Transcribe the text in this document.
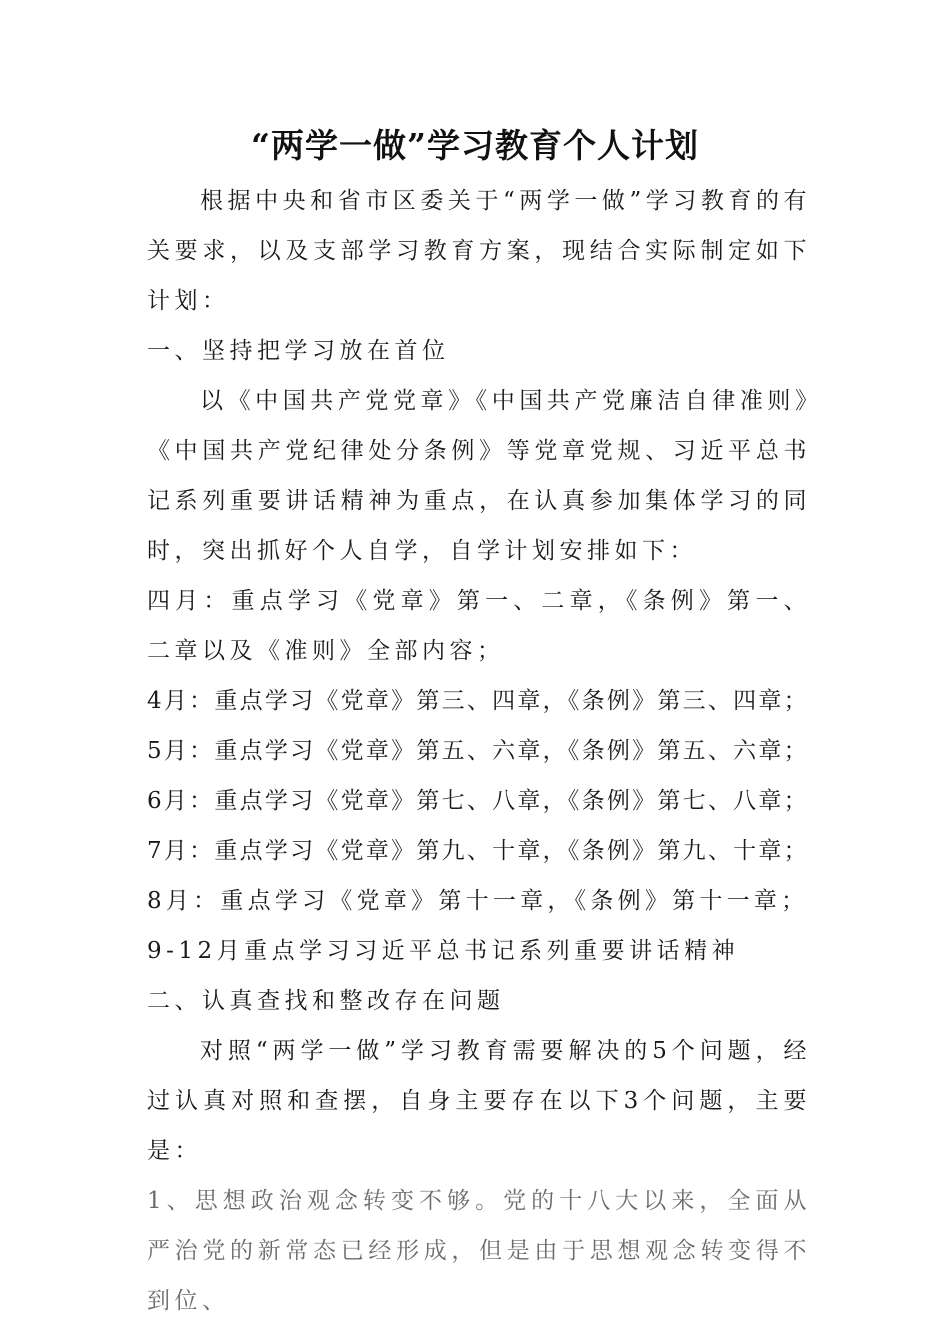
“两学一做”学习教育个人计划

根据中央和省市区委关于“两学一做”学习教育的有关要求，以及支部学习教育方案，现结合实际制定如下计划：

一、坚持把学习放在首位

以《中国共产党党章》《中国共产党廉洁自律准则》《中国共产党纪律处分条例》等党章党规、习近平总书记系列重要讲话精神为重点，在认真参加集体学习的同时，突出抓好个人自学，自学计划安排如下：

四月：重点学习《党章》第一、二章，《条例》第一、二章以及《准则》全部内容；

4月：重点学习《党章》第三、四章，《条例》第三、四章；

5月：重点学习《党章》第五、六章，《条例》第五、六章；

6月：重点学习《党章》第七、八章，《条例》第七、八章；

7月：重点学习《党章》第九、十章，《条例》第九、十章；

8月：重点学习《党章》第十一章，《条例》第十一章；

9-12月重点学习习近平总书记系列重要讲话精神

二、认真查找和整改存在问题

对照“两学一做”学习教育需要解决的5个问题，经过认真对照和查摆，自身主要存在以下3个问题，主要是：

1、思想政治观念转变不够。党的十八大以来，全面从严治党的新常态已经形成，但是由于思想观念转变得不到位、
